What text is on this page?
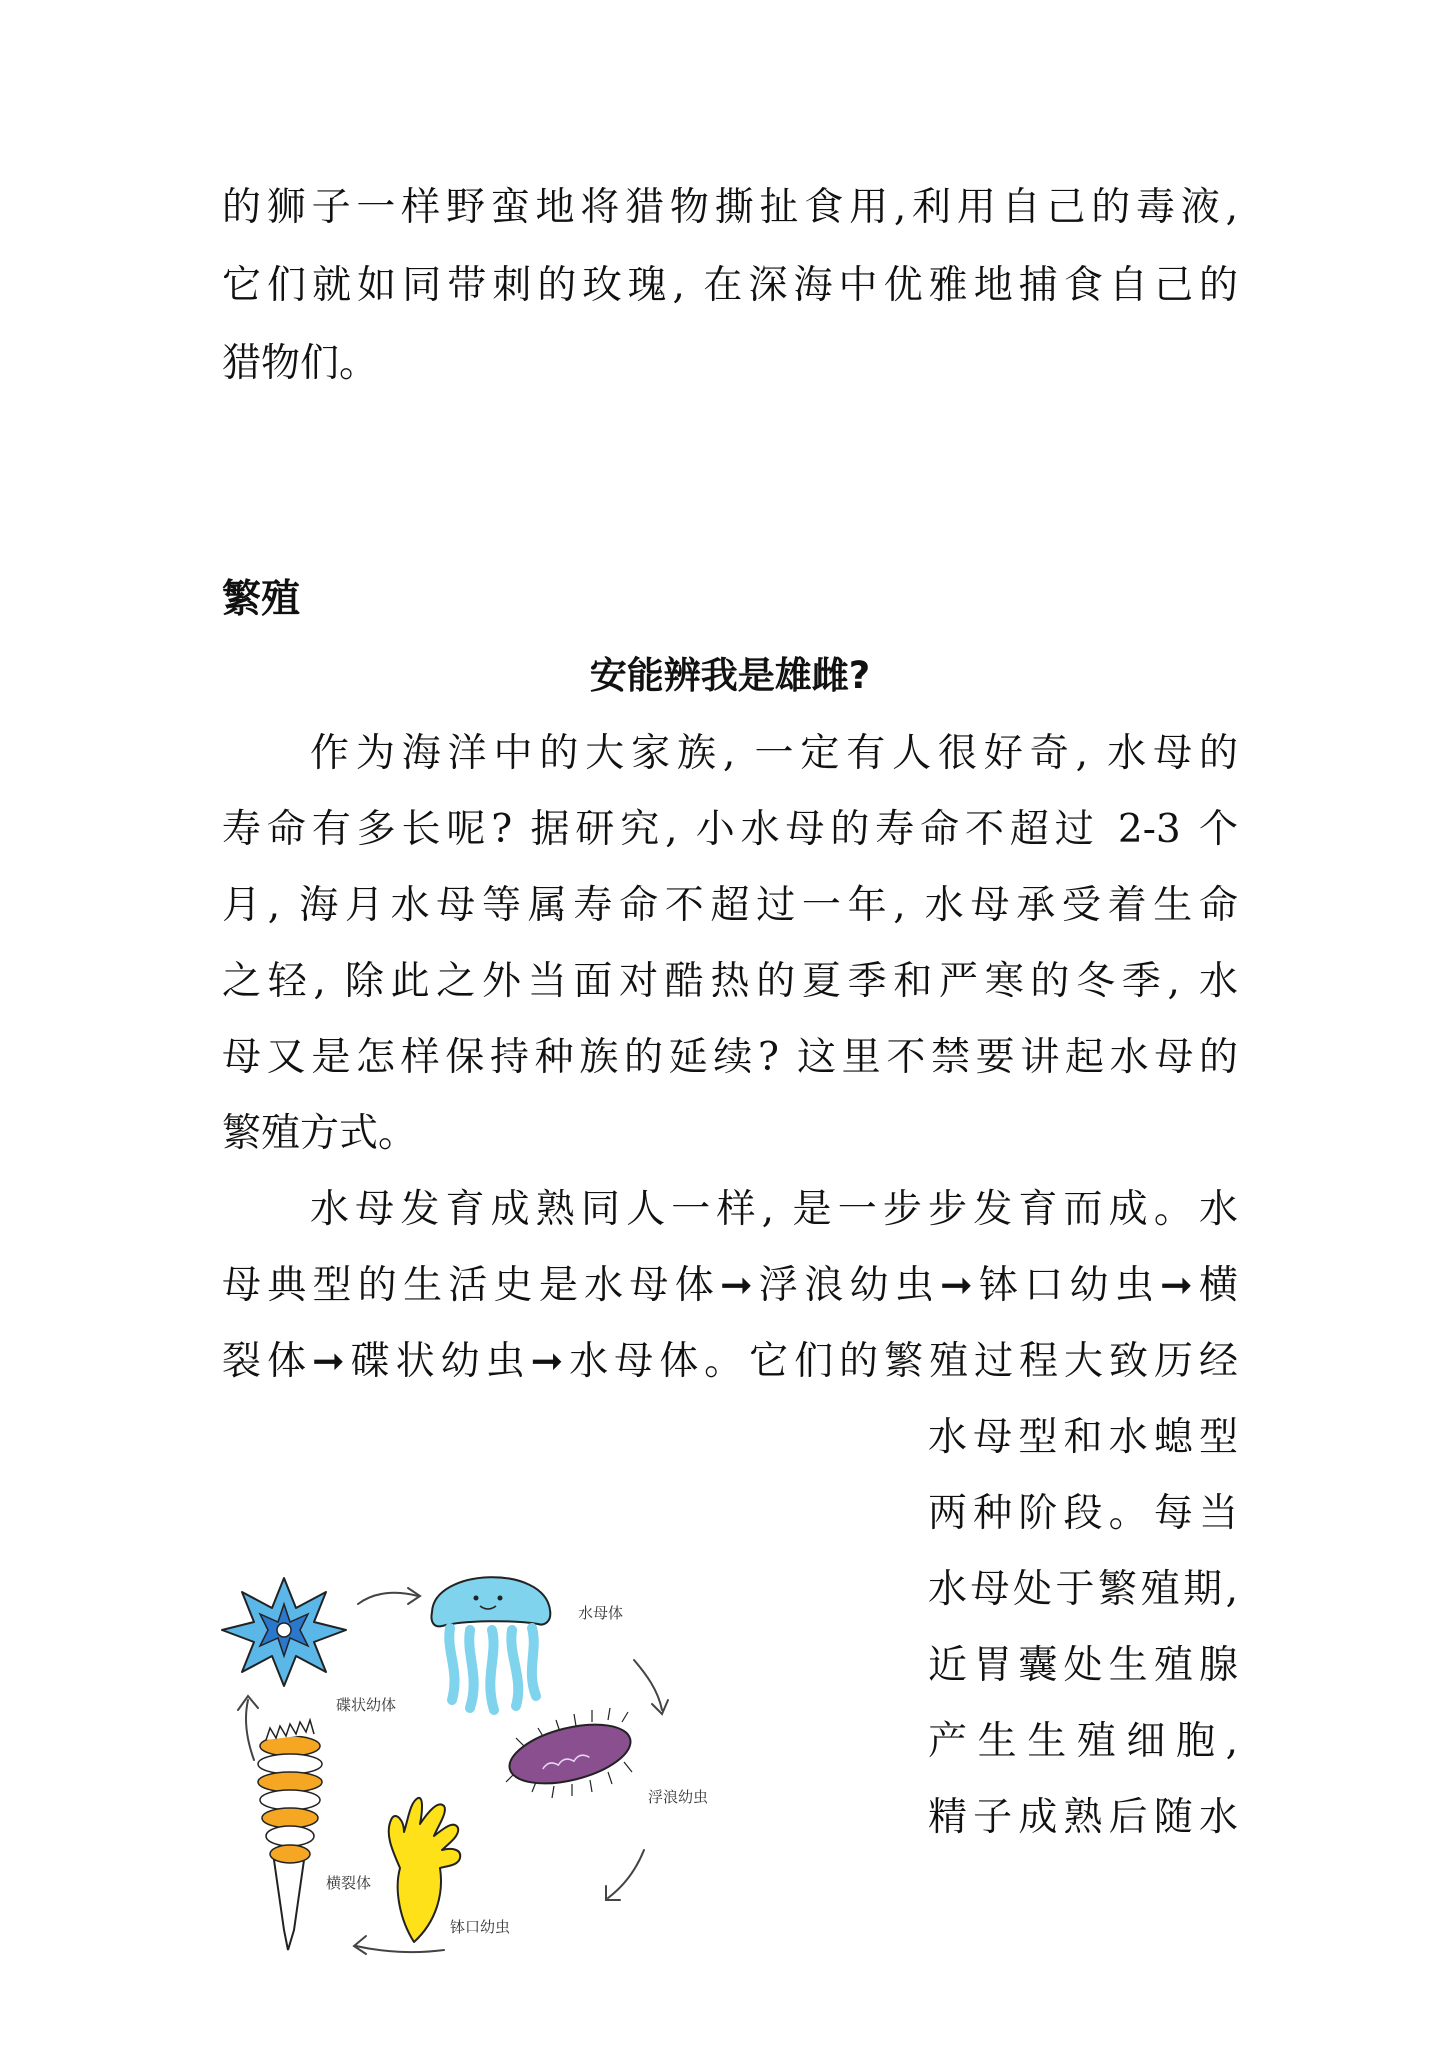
的狮子一样野蛮地将猎物撕扯食用,利用自己的毒液,
它们就如同带刺的玫瑰, 在深海中优雅地捕食自己的
猎物们。
繁殖
安能辨我是雄雌?
作为海洋中的大家族, 一定有人很好奇, 水母的
寿命有多长呢? 据研究, 小水母的寿命不超过 2-3 个
月, 海月水母等属寿命不超过一年, 水母承受着生命
之轻, 除此之外当面对酷热的夏季和严寒的冬季, 水
母又是怎样保持种族的延续? 这里不禁要讲起水母的
繁殖方式。
水母发育成熟同人一样, 是一步步发育而成。水
母典型的生活史是水母体➞浮浪幼虫➞钵口幼虫➞横
裂体➞碟状幼虫➞水母体。它们的繁殖过程大致历经
水母型和水螅型
两种阶段。每当
水母处于繁殖期,
近胃囊处生殖腺
产生生殖细胞,
精子成熟后随水
碟状幼体
水母体
浮浪幼虫
钵口幼虫
横裂体
